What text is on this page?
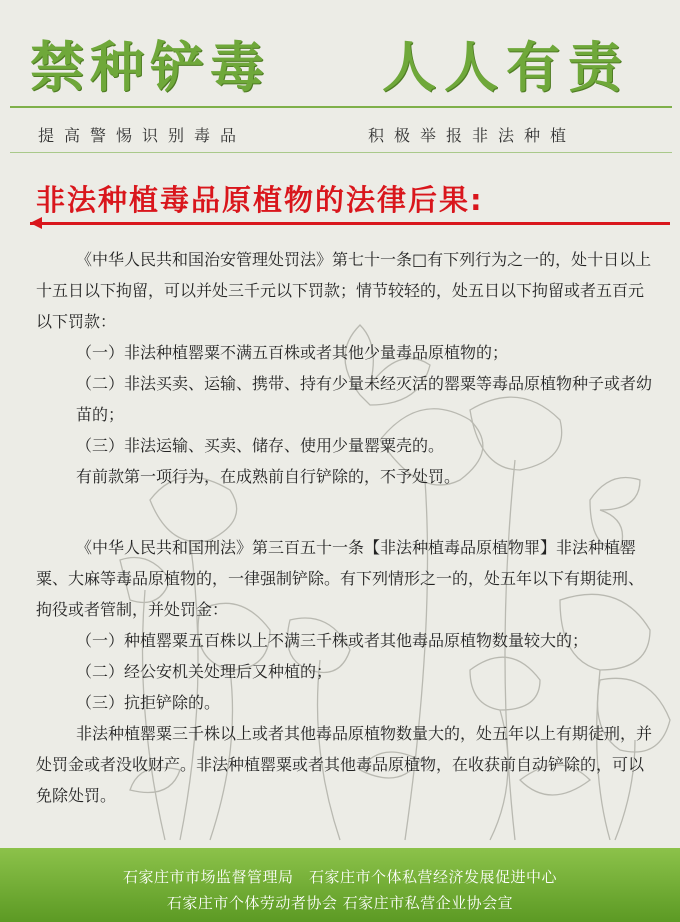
禁种铲毒 人人有责
提高警惕识别毒品	积极举报非法种植
非法种植毒品原植物的法律后果:

《中华人民共和国治安管理处罚法》第七十一条□有下列行为之一的，处十日以上十五日以下拘留，可以并处三千元以下罚款；情节较轻的，处五日以下拘留或者五百元以下罚款：

（一）非法种植罂粟不满五百株或者其他少量毒品原植物的；

（二）非法买卖、运输、携带、持有少量未经灭活的罂粟等毒品原植物种子或者幼苗的；

（三）非法运输、买卖、储存、使用少量罂粟壳的。

有前款第一项行为，在成熟前自行铲除的，不予处罚。

《中华人民共和国刑法》第三百五十一条【非法种植毒品原植物罪】非法种植罂粟、大麻等毒品原植物的，一律强制铲除。有下列情形之一的，处五年以下有期徒刑、拘役或者管制，并处罚金：

（一）种植罂粟五百株以上不满三千株或者其他毒品原植物数量较大的；

（二）经公安机关处理后又种植的；

（三）抗拒铲除的。

非法种植罂粟三千株以上或者其他毒品原植物数量大的，处五年以上有期徒刑，并处罚金或者没收财产。非法种植罂粟或者其他毒品原植物，在收获前自动铲除的，可以免除处罚。

石家庄市市场监督管理局　石家庄市个体私营经济发展促进中心
石家庄市个体劳动者协会 石家庄市私营企业协会宣
